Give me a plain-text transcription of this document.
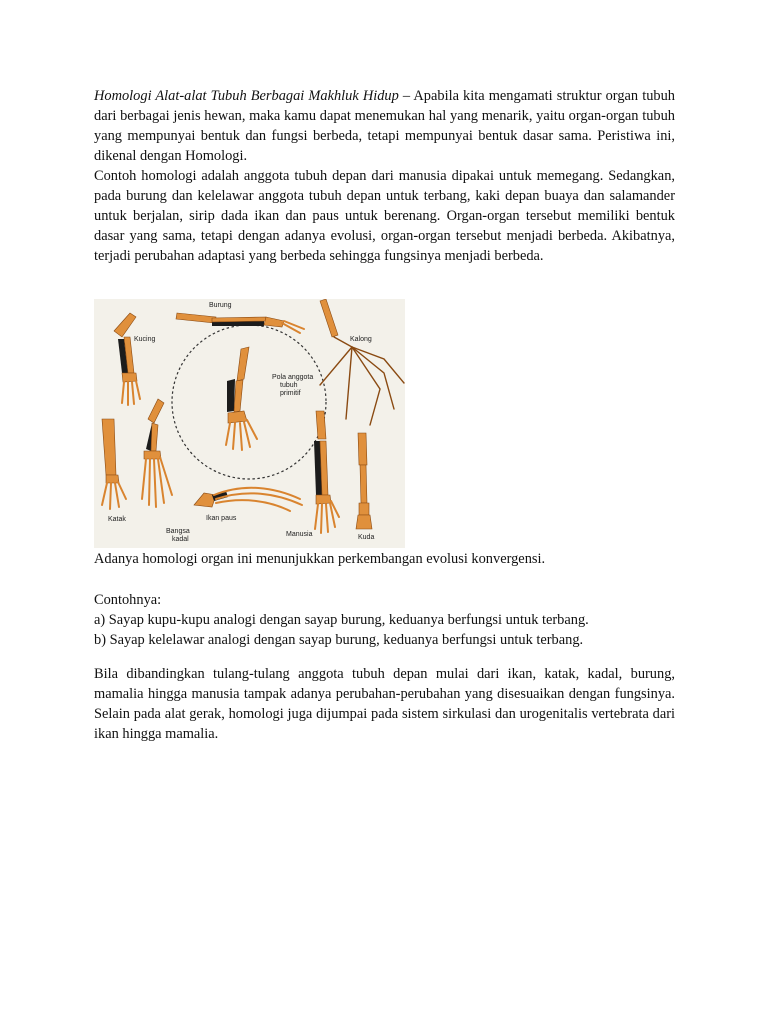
Homologi Alat-alat Tubuh Berbagai Makhluk Hidup – Apabila kita mengamati struktur organ tubuh dari berbagai jenis hewan, maka kamu dapat menemukan hal yang menarik, yaitu organ-organ tubuh yang mempunyai bentuk dan fungsi berbeda, tetapi mempunyai bentuk dasar sama. Peristiwa ini, dikenal dengan Homologi.

Contoh homologi adalah anggota tubuh depan dari manusia dipakai untuk memegang. Sedangkan, pada burung dan kelelawar anggota tubuh depan untuk terbang, kaki depan buaya dan salamander untuk berjalan, sirip dada ikan dan paus untuk berenang. Organ-organ tersebut memiliki bentuk dasar yang sama, tetapi dengan adanya evolusi, organ-organ tersebut menjadi berbeda. Akibatnya, terjadi perubahan adaptasi yang berbeda sehingga fungsinya menjadi berbeda.

Burung
Kucing	Kalong
Pola anggota
tubuh
primitif
Katak
Bangsa
kadal
Ikan paus
Manusia	Kuda

Adanya homologi organ ini menunjukkan perkembangan evolusi konvergensi.

Contohnya:

a) Sayap kupu-kupu analogi dengan sayap burung, keduanya berfungsi untuk terbang.

b) Sayap kelelawar analogi dengan sayap burung, keduanya berfungsi untuk terbang.

Bila dibandingkan tulang-tulang anggota tubuh depan mulai dari ikan, katak, kadal, burung, mamalia hingga manusia tampak adanya perubahan-perubahan yang disesuaikan dengan fungsinya. Selain pada alat gerak, homologi juga dijumpai pada sistem sirkulasi dan urogenitalis vertebrata dari ikan hingga mamalia.
